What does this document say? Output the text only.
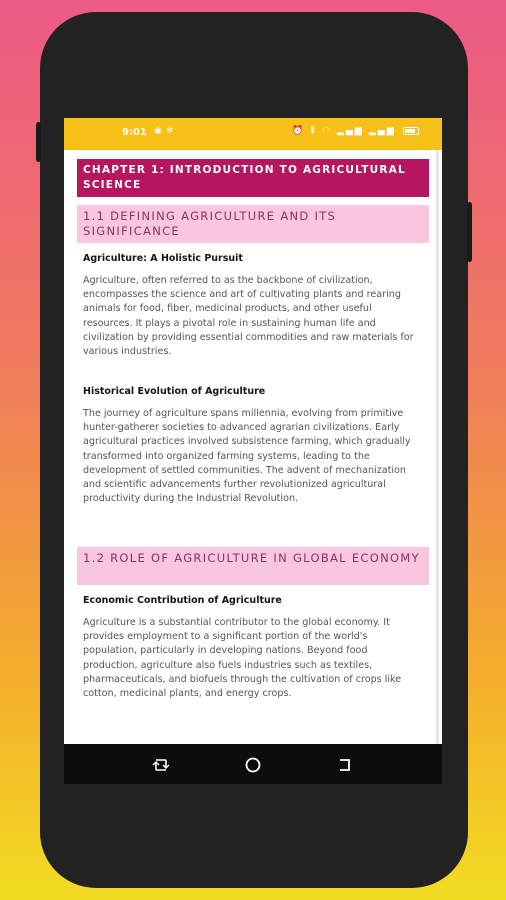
9:01 ◉✲	⏰ ᛒ ◠ ▂▄▆ ▂▄▆
CHAPTER 1: INTRODUCTION TO AGRICULTURAL SCIENCE
1.1 DEFINING AGRICULTURE AND ITS SIGNIFICANCE
Agriculture: A Holistic Pursuit
Agriculture, often referred to as the backbone of civilization, encompasses the science and art of cultivating plants and rearing animals for food, fiber, medicinal products, and other useful resources. It plays a pivotal role in sustaining human life and civilization by providing essential commodities and raw materials for various industries.
Historical Evolution of Agriculture
The journey of agriculture spans millennia, evolving from primitive hunter-gatherer societies to advanced agrarian civilizations. Early agricultural practices involved subsistence farming, which gradually transformed into organized farming systems, leading to the development of settled communities. The advent of mechanization and scientific advancements further revolutionized agricultural productivity during the Industrial Revolution.
1.2 ROLE OF AGRICULTURE IN GLOBAL ECONOMY
Economic Contribution of Agriculture
Agriculture is a substantial contributor to the global economy. It provides employment to a significant portion of the world's population, particularly in developing nations. Beyond food production, agriculture also fuels industries such as textiles, pharmaceuticals, and biofuels through the cultivation of crops like cotton, medicinal plants, and energy crops.
